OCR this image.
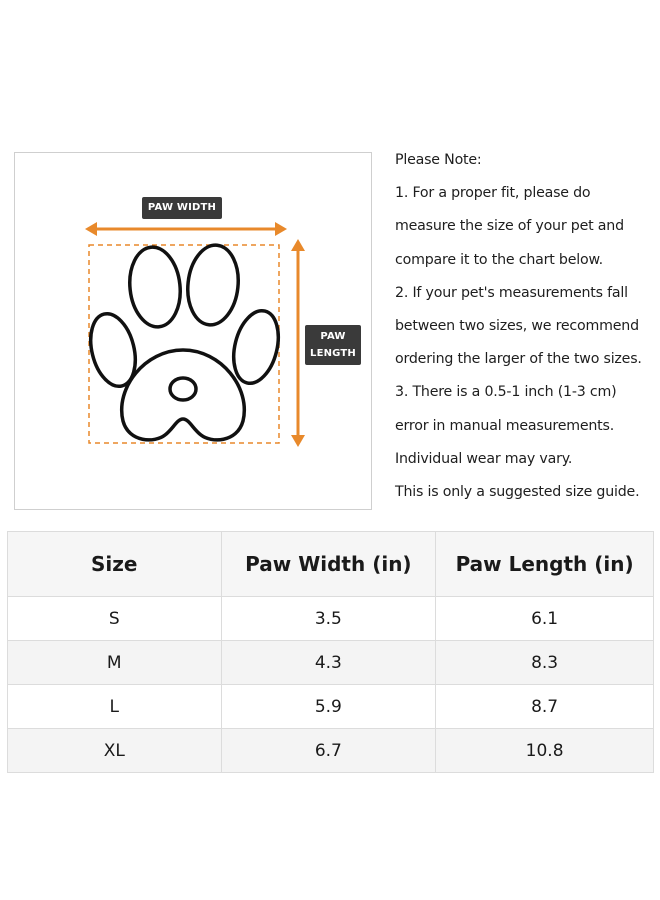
PAW WIDTH
PAW
LENGTH
Please Note:
1. For a proper fit, please do
measure the size of your pet and
compare it to the chart below.
2. If your pet's measurements fall
between two sizes, we recommend
ordering the larger of the two sizes.
3. There is a 0.5-1 inch (1-3 cm)
error in manual measurements.
Individual wear may vary.
This is only a suggested size guide.
Size	Paw Width (in)	Paw Length (in)
S	3.5	6.1
M	4.3	8.3
L	5.9	8.7
XL	6.7	10.8
